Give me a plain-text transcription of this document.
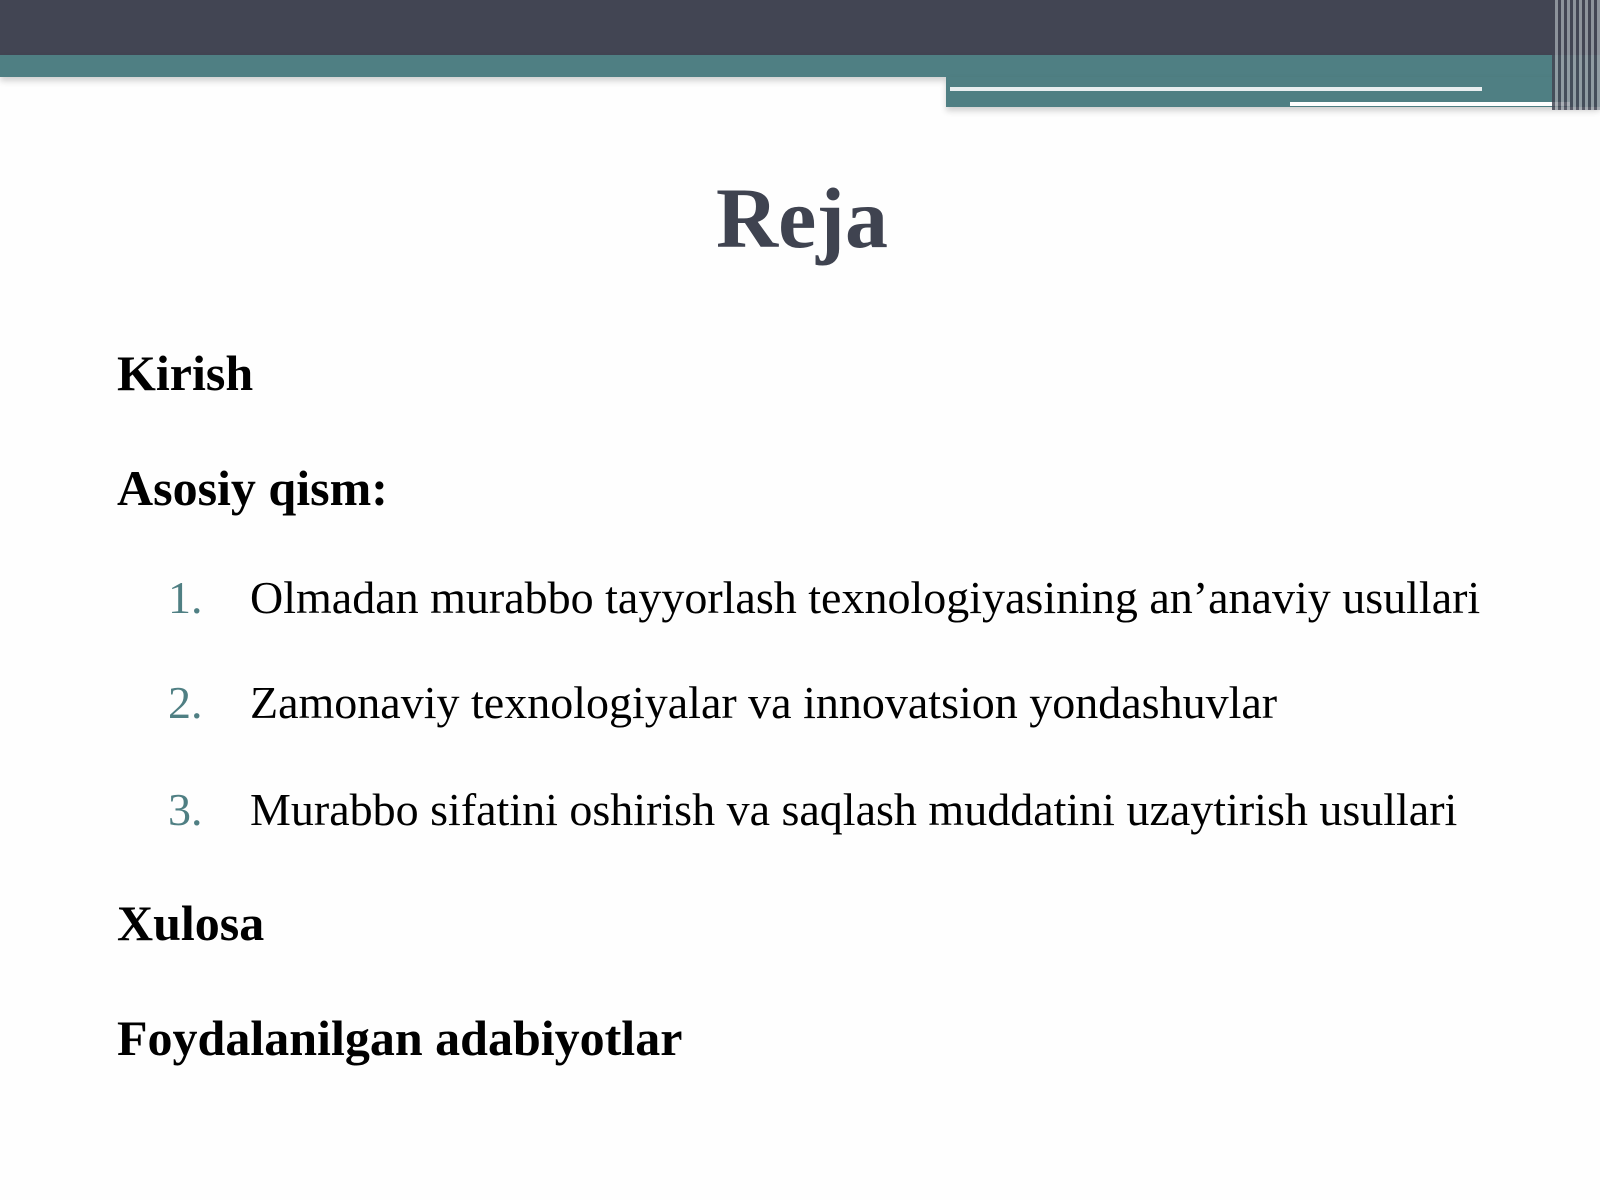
Reja
Kirish
Asosiy qism:
1. Olmadan murabbo tayyorlash texnologiyasining an’anaviy usullari
2. Zamonaviy texnologiyalar va innovatsion yondashuvlar
3. Murabbo sifatini oshirish va saqlash muddatini uzaytirish usullari
Xulosa
Foydalanilgan adabiyotlar
